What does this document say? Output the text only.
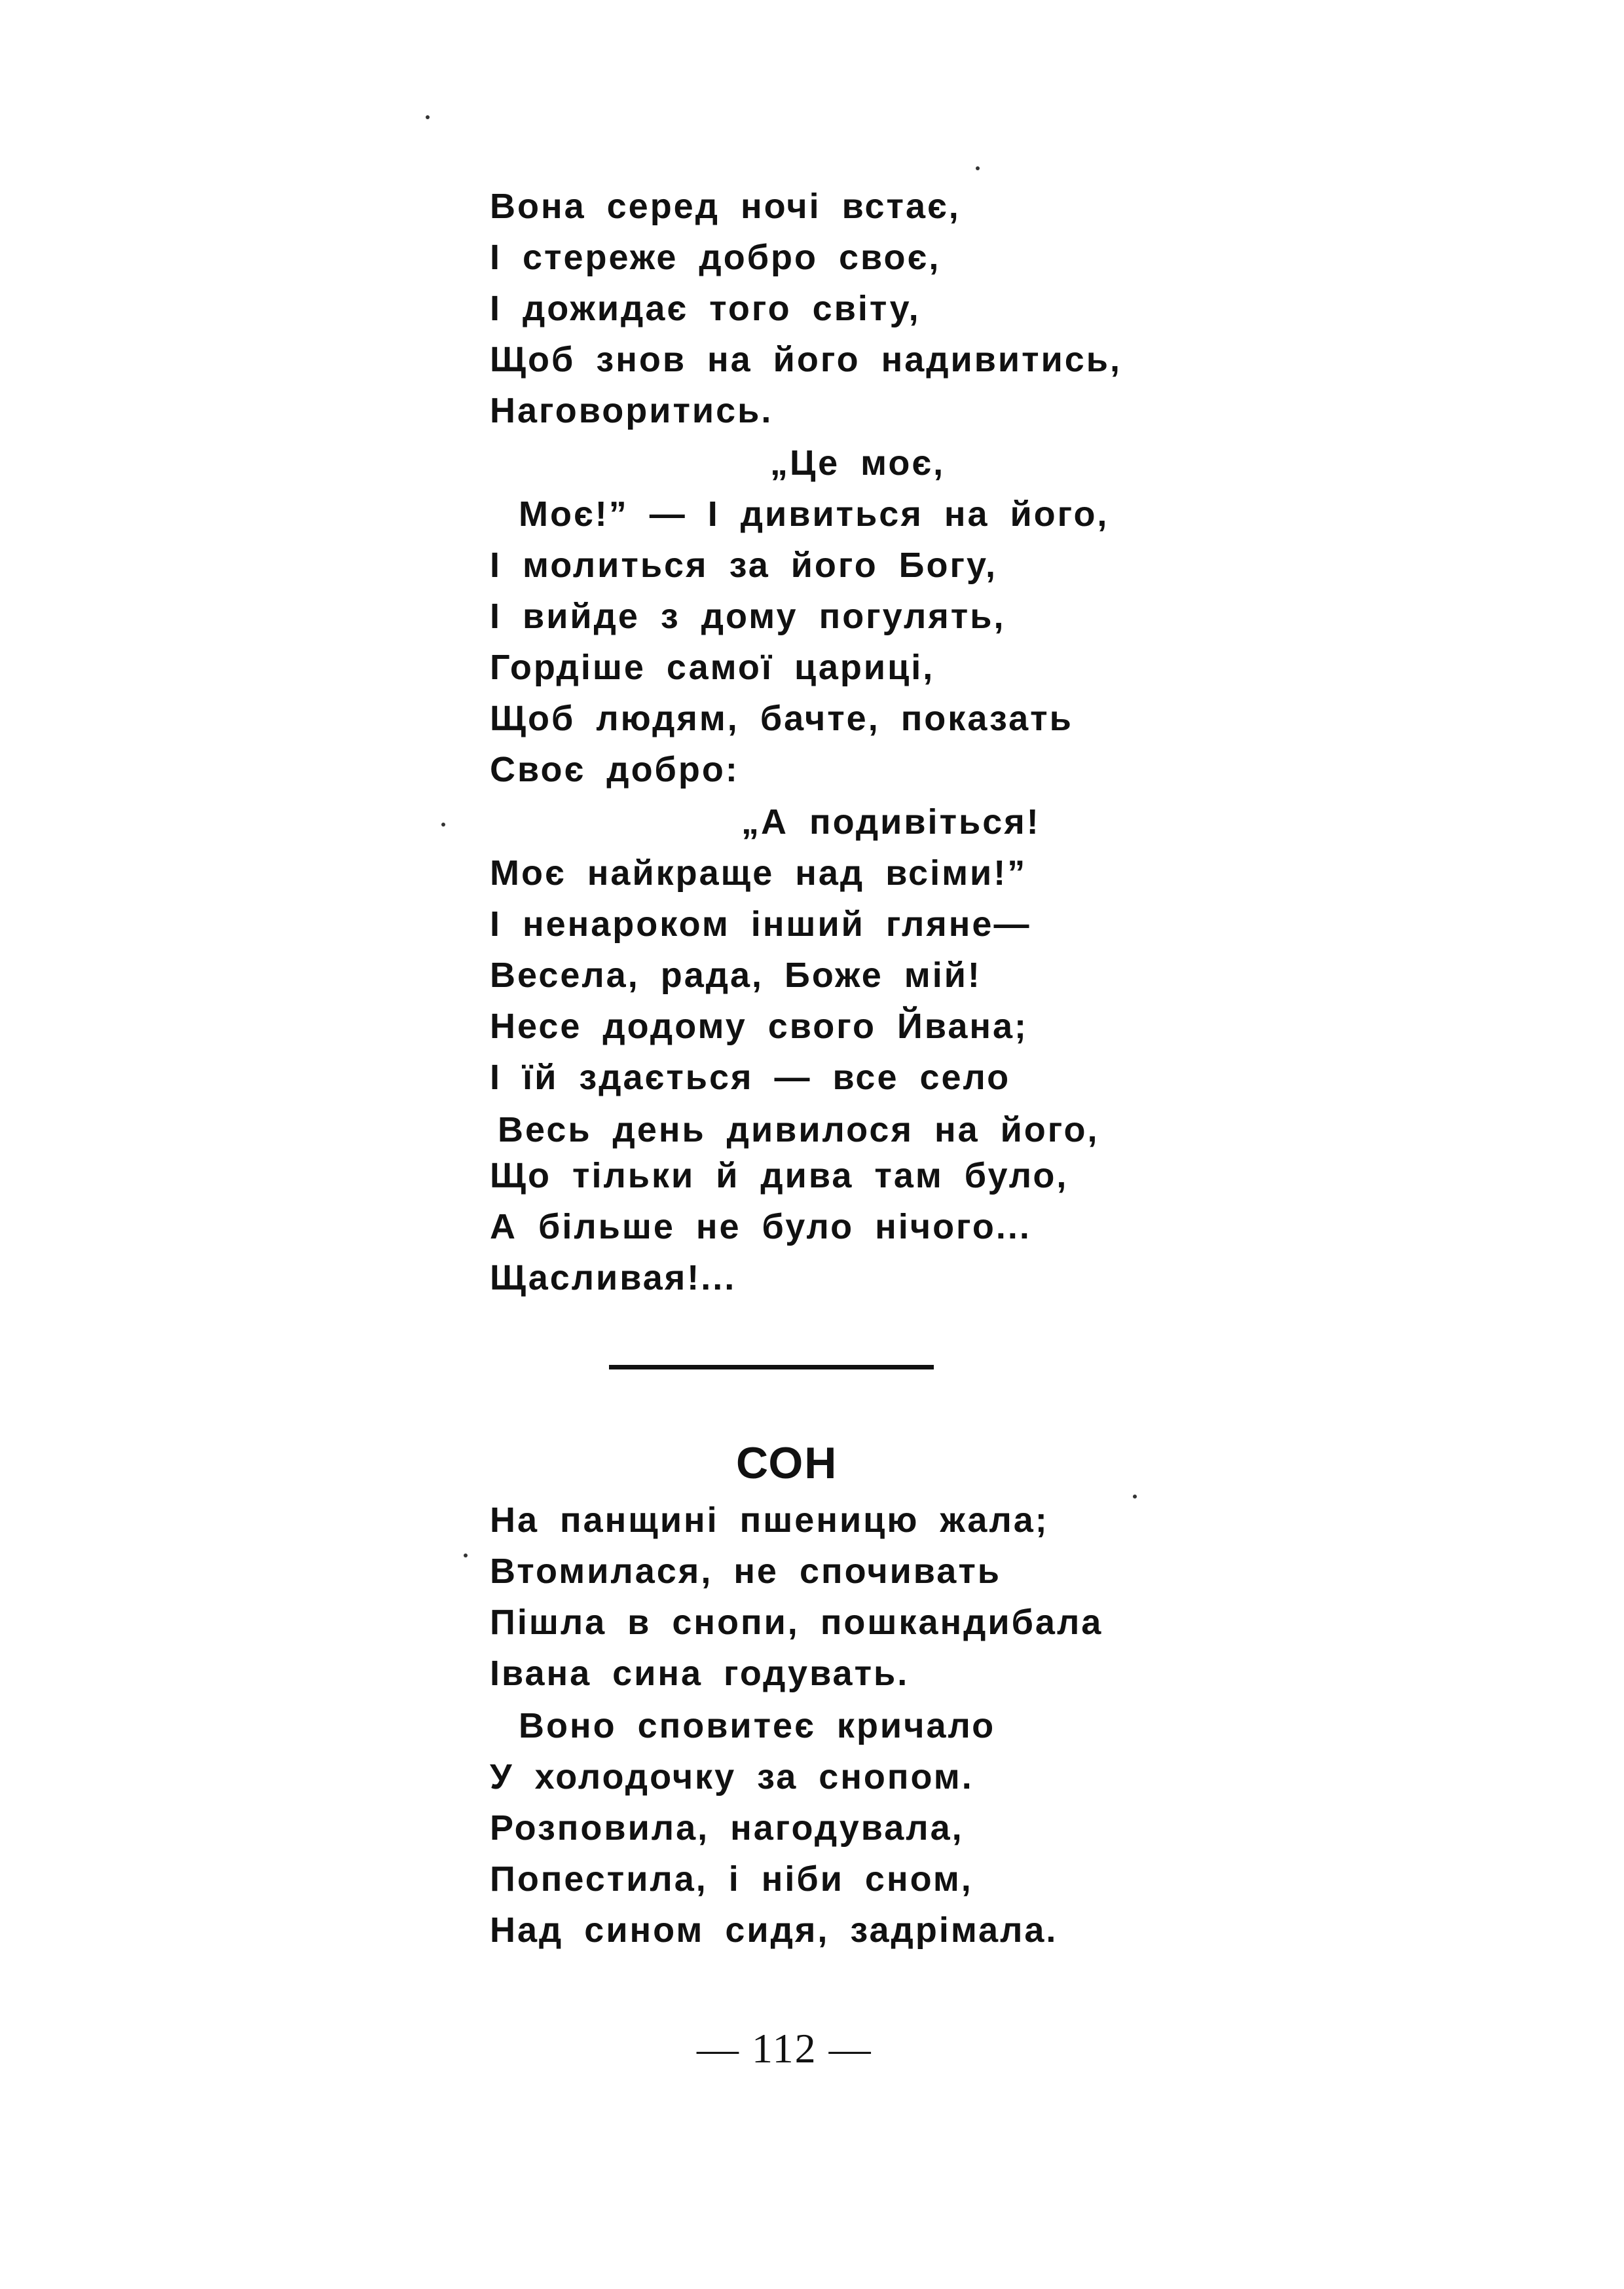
Вона серед ночі встає,
І стереже добро своє,
І дожидає того світу,
Щоб знов на його надивитись,
Наговоритись.
„Це моє,
Моє!” — І дивиться на його,
І молиться за його Богу,
І вийде з дому погулять,
Гордіше самої цариці,
Щоб людям, бачте, показать
Своє добро:
„А подивіться!
Моє найкраще над всіми!”
І ненароком інший гляне—
Весела, рада, Боже мій!
Несе додому свого Йвана;
І їй здається — все село
Весь день дивилося на його,
Що тільки й дива там було,
А більше не було нічого...
Щасливая!...
СОН
На панщині пшеницю жала;
Втомилася, не спочивать
Пішла в снопи, пошкандибала
Івана сина годувать.
Воно сповитеє кричало
У холодочку за снопом.
Розповила, нагодувала,
Попестила, і ніби сном,
Над сином сидя, задрімала.
— 112 —
